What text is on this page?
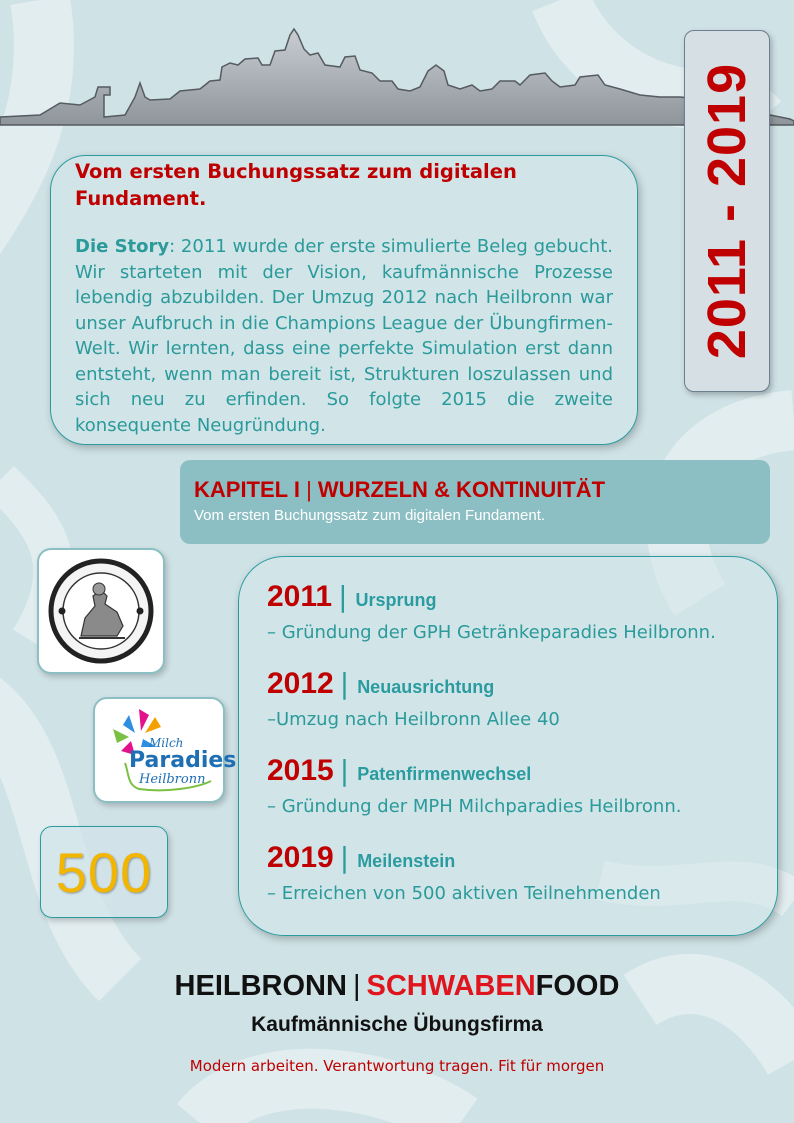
2011 - 2019

Vom ersten Buchungssatz zum digitalen Fundament.

Die Story: 2011 wurde der erste simulierte Beleg gebucht. Wir starteten mit der Vision, kaufmännische Prozesse lebendig abzubilden. Der Umzug 2012 nach Heilbronn war unser Aufbruch in die Champions League der Übungfirmen-Welt. Wir lernten, dass eine perfekte Simulation erst dann entsteht, wenn man bereit ist, Strukturen loszulassen und sich neu zu erfinden. So folgte 2015 die zweite konsequente Neugründung.
KAPITEL I | WURZELN & KONTINUITÄT
Vom ersten Buchungssatz zum digitalen Fundament.
Milch
Paradies
Heilbronn
500
2011 | Ursprung
– Gründung der GPH Getränkeparadies Heilbronn.
2012 | Neuausrichtung
–Umzug nach Heilbronn Allee 40
2015 | Patenfirmenwechsel
– Gründung der MPH Milchparadies Heilbronn.
2019 | Meilenstein
– Erreichen von 500 aktiven Teilnehmenden
HEILBRONN | SCHWABENFOOD
Kaufmännische Übungsfirma
Modern arbeiten. Verantwortung tragen. Fit für morgen
